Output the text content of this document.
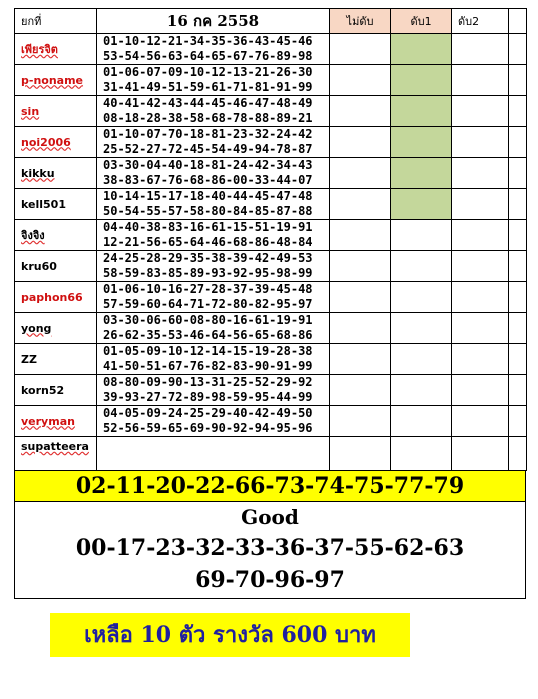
ยกที่	16 กค 2558	ไม่ดับ	ดับ1	ดับ2	
เพียรจิต	01-10-12-21-34-35-36-43-45-46
53-54-56-63-64-65-67-76-89-98				

p-noname	01-06-07-09-10-12-13-21-26-30
31-41-49-51-59-61-71-81-91-99				

sin	40-41-42-43-44-45-46-47-48-49
08-18-28-38-58-68-78-88-89-21				

noi2006	01-10-07-70-18-81-23-32-24-42
25-52-27-72-45-54-49-94-78-87				

kikku	03-30-04-40-18-81-24-42-34-43
38-83-67-76-68-86-00-33-44-07				

kell501	10-14-15-17-18-40-44-45-47-48
50-54-55-57-58-80-84-85-87-88				

จิงจิง	04-40-38-83-16-61-15-51-19-91
12-21-56-65-64-46-68-86-48-84				

kru60	24-25-28-29-35-38-39-42-49-53
58-59-83-85-89-93-92-95-98-99				

paphon66	01-06-10-16-27-28-37-39-45-48
57-59-60-64-71-72-80-82-95-97				

yong	03-30-06-60-08-80-16-61-19-91
26-62-35-53-46-64-56-65-68-86				

ZZ	01-05-09-10-12-14-15-19-28-38
41-50-51-67-76-82-83-90-91-99				

korn52	08-80-09-90-13-31-25-52-29-92
39-93-27-72-89-98-59-95-44-99				

veryman	04-05-09-24-25-29-40-42-49-50
52-56-59-65-69-90-92-94-95-96				

supatteera	

02-11-20-22-66-73-74-75-77-79
Good
00-17-23-32-33-36-37-55-62-63
69-70-96-97
เหลือ 10 ตัว รางวัล 600 บาท
